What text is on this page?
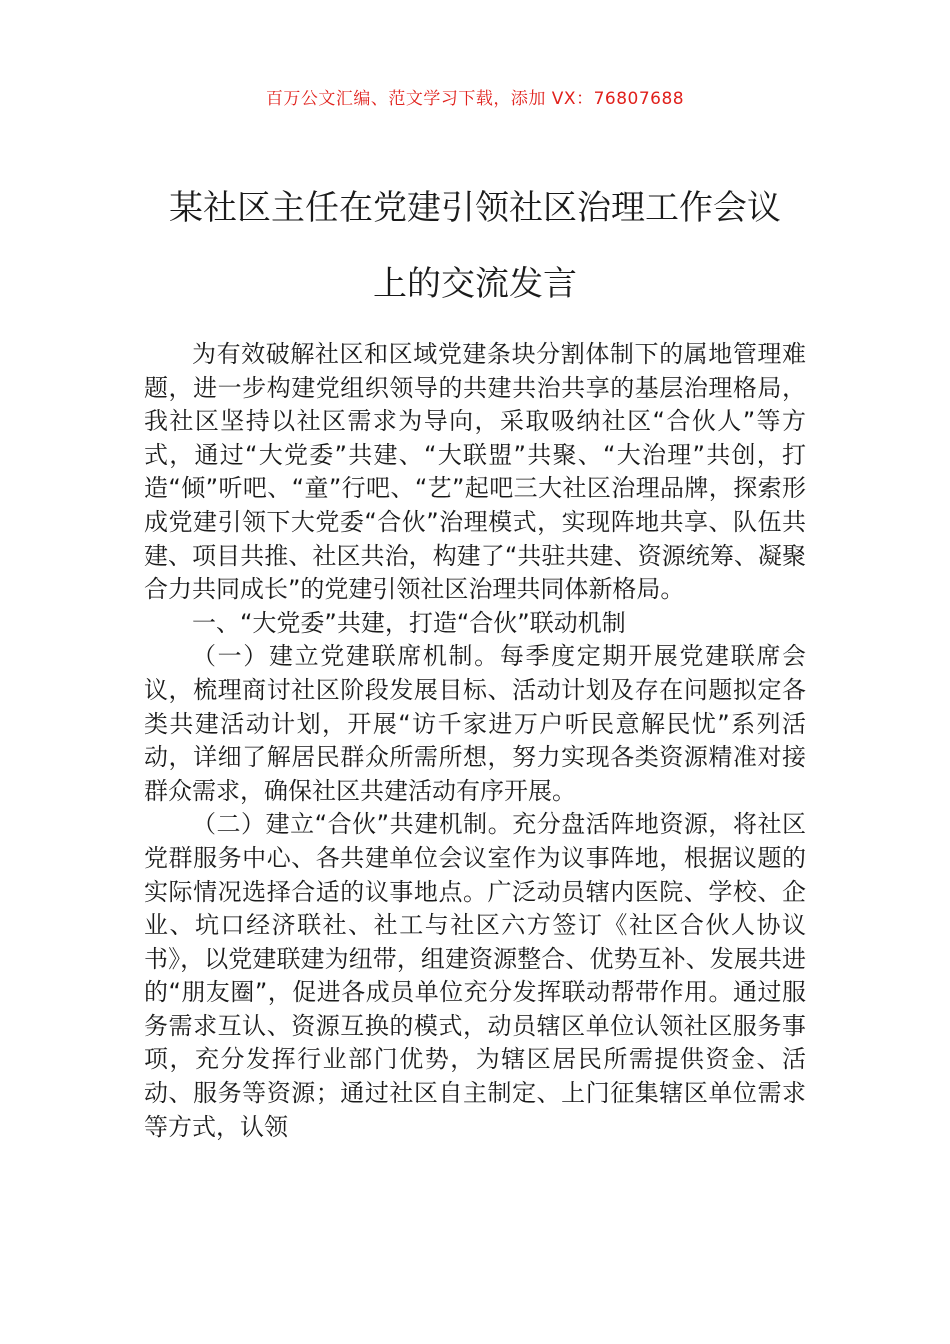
百万公文汇编、范文学习下载，添加 VX：76807688
某社区主任在党建引领社区治理工作会议
上的交流发言

为有效破解社区和区域党建条块分割体制下的属地管理难题，进一步构建党组织领导的共建共治共享的基层治理格局，我社区坚持以社区需求为导向，采取吸纳社区“合伙人”等方式，通过“大党委”共建、“大联盟”共聚、“大治理”共创，打造“倾”听吧、“童”行吧、“艺”起吧三大社区治理品牌，探索形成党建引领下大党委“合伙”治理模式，实现阵地共享、队伍共建、项目共推、社区共治，构建了“共驻共建、资源统筹、凝聚合力共同成长”的党建引领社区治理共同体新格局。

一、“大党委”共建，打造“合伙”联动机制

（一）建立党建联席机制。每季度定期开展党建联席会议，梳理商讨社区阶段发展目标、活动计划及存在问题拟定各类共建活动计划，开展“访千家进万户听民意解民忧”系列活动，详细了解居民群众所需所想，努力实现各类资源精准对接群众需求，确保社区共建活动有序开展。

（二）建立“合伙”共建机制。充分盘活阵地资源，将社区党群服务中心、各共建单位会议室作为议事阵地，根据议题的实际情况选择合适的议事地点。广泛动员辖内医院、学校、企业、坑口经济联社、社工与社区六方签订《社区合伙人协议书》，以党建联建为纽带，组建资源整合、优势互补、发展共进的“朋友圈”，促进各成员单位充分发挥联动帮带作用。通过服务需求互认、资源互换的模式，动员辖区单位认领社区服务事项，充分发挥行业部门优势，为辖区居民所需提供资金、活动、服务等资源；通过社区自主制定、上门征集辖区单位需求等方式，认领
